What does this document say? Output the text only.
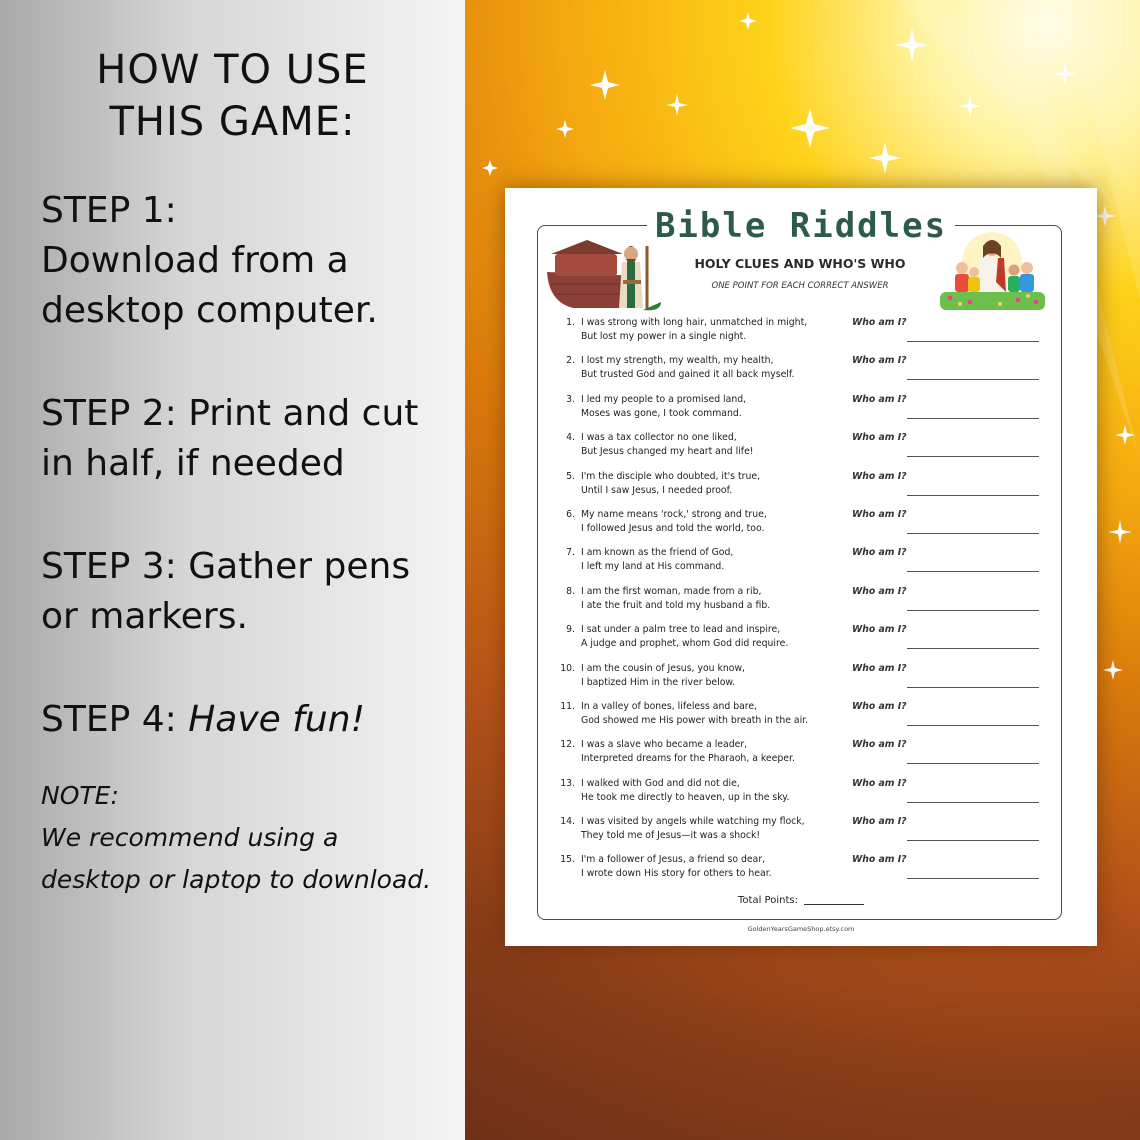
HOW TO USE
THIS GAME:

STEP 1:
Download from a desktop computer.

STEP 2: Print and cut in half, if needed

STEP 3: Gather pens or markers.

STEP 4: Have fun!

NOTE:
We recommend using a desktop or laptop to download.
Bible Riddles
HOLY CLUES AND WHO'S WHO
ONE POINT FOR EACH CORRECT ANSWER
1. I was strong with long hair, unmatched in might,
But lost my power in a single night.
Who am I?
2. I lost my strength, my wealth, my health,
But trusted God and gained it all back myself.
Who am I?
3. I led my people to a promised land,
Moses was gone, I took command.
Who am I?
4. I was a tax collector no one liked,
But Jesus changed my heart and life!
Who am I?
5. I'm the disciple who doubted, it's true,
Until I saw Jesus, I needed proof.
Who am I?
6. My name means 'rock,' strong and true,
I followed Jesus and told the world, too.
Who am I?
7. I am known as the friend of God,
I left my land at His command.
Who am I?
8. I am the first woman, made from a rib,
I ate the fruit and told my husband a fib.
Who am I?
9. I sat under a palm tree to lead and inspire,
A judge and prophet, whom God did require.
Who am I?
10. I am the cousin of Jesus, you know,
I baptized Him in the river below.
Who am I?
11. In a valley of bones, lifeless and bare,
God showed me His power with breath in the air.
Who am I?
12. I was a slave who became a leader,
Interpreted dreams for the Pharaoh, a keeper.
Who am I?
13. I walked with God and did not die,
He took me directly to heaven, up in the sky.
Who am I?
14. I was visited by angels while watching my flock,
They told me of Jesus—it was a shock!
Who am I?
15. I'm a follower of Jesus, a friend so dear,
I wrote down His story for others to hear.
Who am I?
Total Points:
GoldenYearsGameShop.etsy.com
